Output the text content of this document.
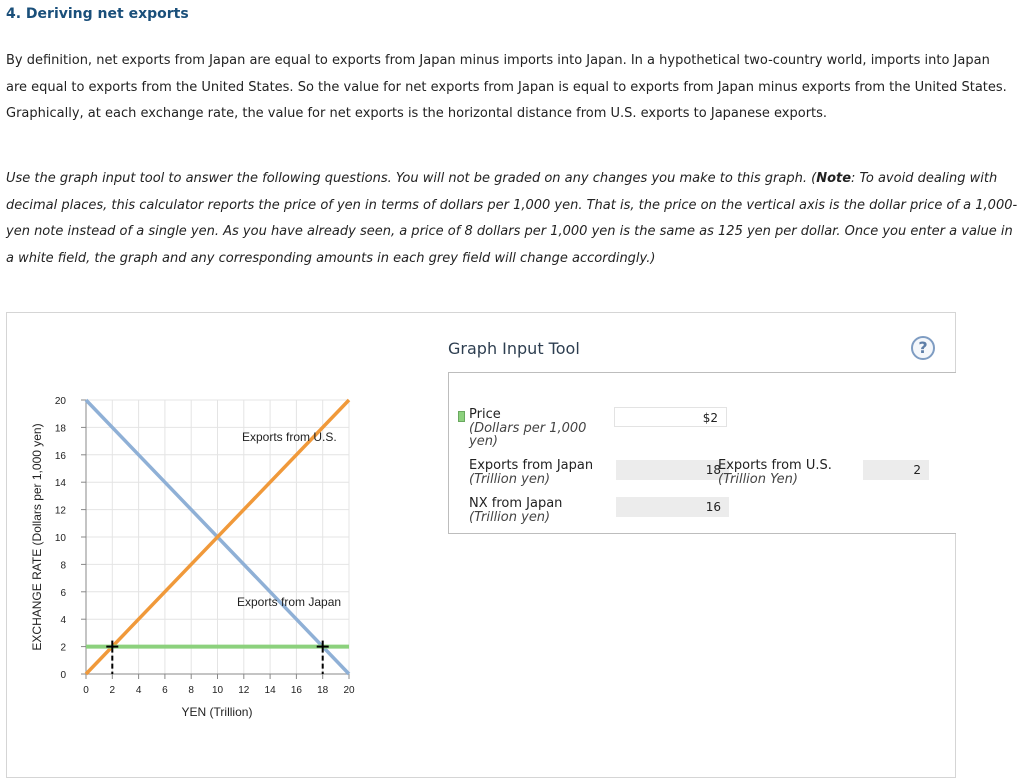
4. Deriving net exports

By definition, net exports from Japan are equal to exports from Japan minus imports into Japan. In a hypothetical two-country world, imports into Japan are equal to exports from the United States. So the value for net exports from Japan is equal to exports from Japan minus exports from the United States. Graphically, at each exchange rate, the value for net exports is the horizontal distance from U.S. exports to Japanese exports.

Use the graph input tool to answer the following questions. You will not be graded on any changes you make to this graph. (Note: To avoid dealing with decimal places, this calculator reports the price of yen in terms of dollars per 1,000 yen. That is, the price on the vertical axis is the dollar price of a 1,000-yen note instead of a single yen. As you have already seen, a price of 8 dollars per 1,000 yen is the same as 125 yen per dollar. Once you enter a value in a white field, the graph and any corresponding amounts in each grey field will change accordingly.)

0 2 4 6 8 10 12 14 16 18 20
0
2
4
6
8
10
12
14
16
18
20
Exports from U.S.
Exports from Japan
YEN (Trillion)
EXCHANGE RATE (Dollars per 1,000 yen)
Graph Input Tool	?
Price
(Dollars per 1,000 yen)
$2
Exports from Japan
(Trillion yen)
18
Exports from U.S.
(Trillion Yen)
2
NX from Japan
(Trillion yen)
16
